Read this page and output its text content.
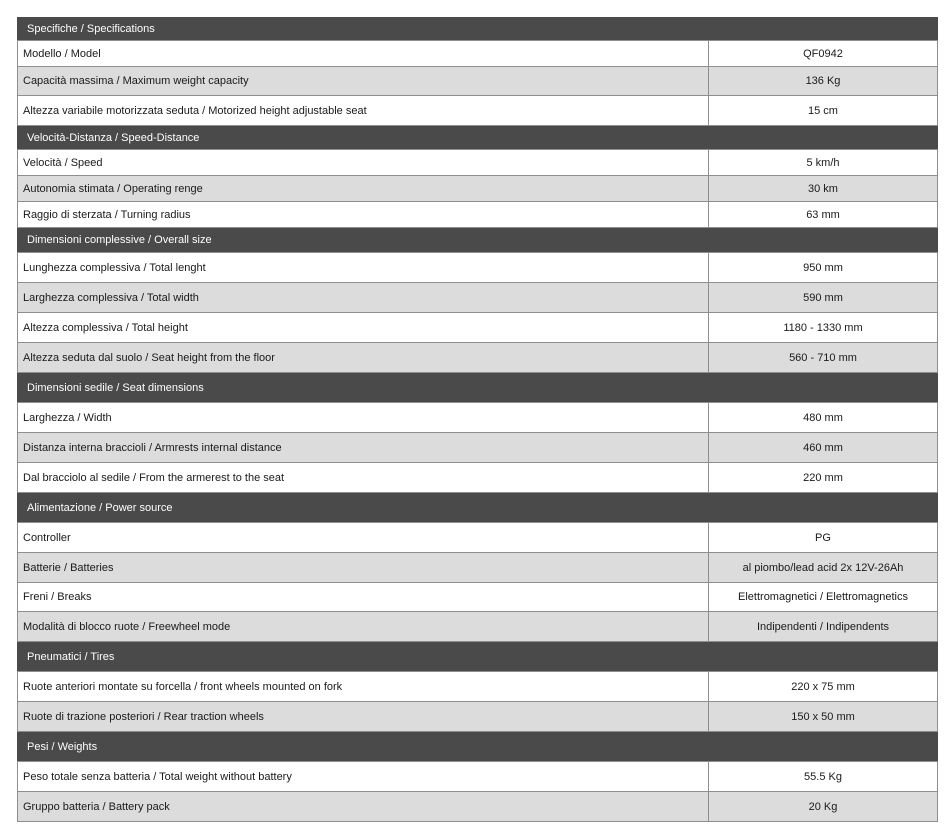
Specifiche / Specifications
Modello / Model	QF0942
Capacità massima / Maximum weight capacity	136 Kg
Altezza variabile motorizzata seduta / Motorized height adjustable seat	15 cm
Velocità-Distanza / Speed-Distance
Velocità / Speed	5 km/h
Autonomia stimata / Operating renge	30 km
Raggio di sterzata / Turning radius	63 mm
Dimensioni complessive / Overall size
Lunghezza complessiva / Total lenght	950 mm
Larghezza complessiva / Total width	590 mm
Altezza complessiva / Total height	1180 - 1330 mm
Altezza seduta dal suolo / Seat height from the floor	560 - 710 mm
Dimensioni sedile / Seat dimensions
Larghezza / Width	480 mm
Distanza interna braccioli / Armrests internal distance	460 mm
Dal bracciolo al sedile / From the armerest to the seat	220 mm
Alimentazione / Power source
Controller	PG
Batterie / Batteries	al piombo/lead acid 2x 12V-26Ah
Freni / Breaks	Elettromagnetici / Elettromagnetics
Modalità di blocco ruote / Freewheel mode	Indipendenti / Indipendents
Pneumatici / Tires
Ruote anteriori montate su forcella / front wheels mounted on fork	220 x 75 mm
Ruote di trazione posteriori / Rear traction wheels	150 x 50 mm
Pesi / Weights
Peso totale senza batteria / Total weight without battery	55.5 Kg
Gruppo batteria / Battery pack	20 Kg
